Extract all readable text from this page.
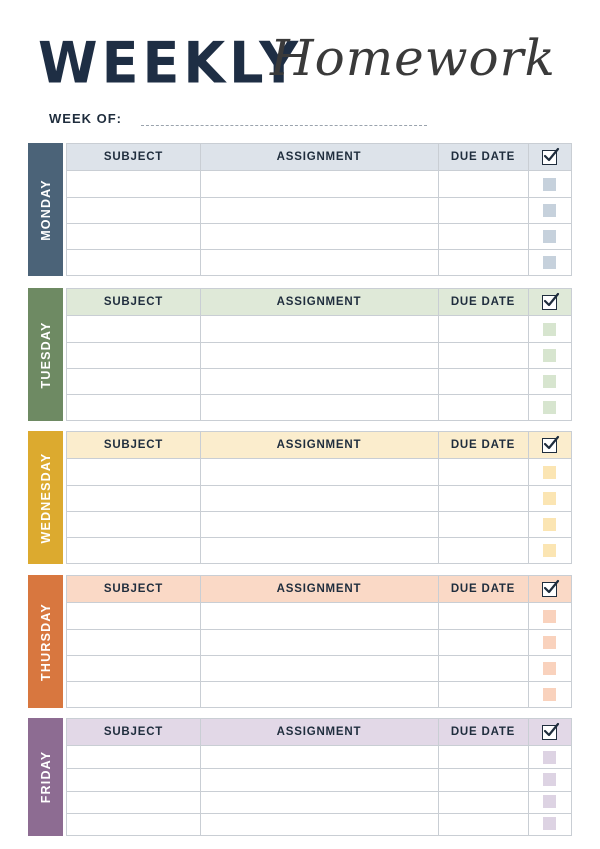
WEEKLY
Homework
WEEK OF:
MONDAY
SUBJECT	ASSIGNMENT	DUE DATE
TUESDAY
SUBJECT	ASSIGNMENT	DUE DATE
WEDNESDAY
SUBJECT	ASSIGNMENT	DUE DATE
THURSDAY
SUBJECT	ASSIGNMENT	DUE DATE
FRIDAY
SUBJECT	ASSIGNMENT	DUE DATE
